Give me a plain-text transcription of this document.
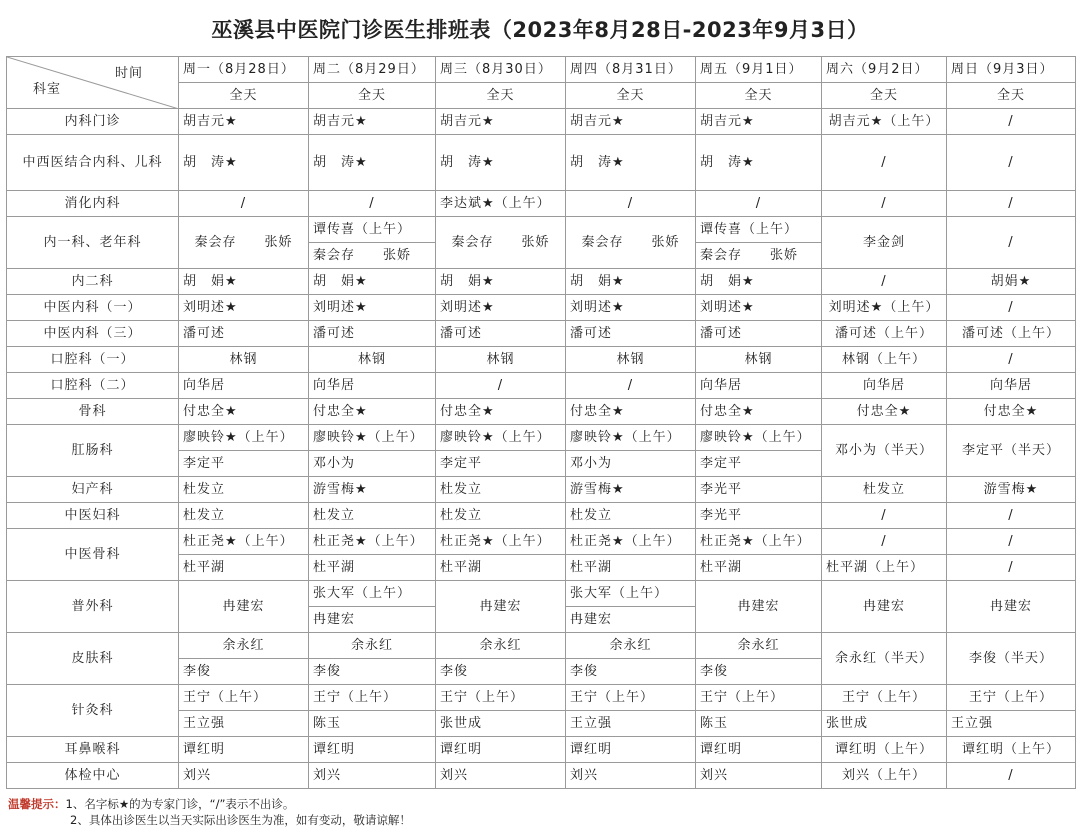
巫溪县中医院门诊医生排班表（2023年8月28日-2023年9月3日）
科室
时间	周一（8月28日）	周二（8月29日）	周三（8月30日）	周四（8月31日）	周五（9月1日）	周六（9月2日）	周日（9月3日）
	全天	全天	全天	全天	全天	全天	全天
内科门诊	胡吉元★	胡吉元★	胡吉元★	胡吉元★	胡吉元★	胡吉元★（上午）	/
中西医结合内科、儿科	胡　涛★	胡　涛★	胡　涛★	胡　涛★	胡　涛★	/	/
消化内科	/	/	李达斌★（上午）	/	/	/	/
内一科、老年科	秦会存　　张娇	谭传喜（上午）	秦会存　　张娇	秦会存　　张娇	谭传喜（上午）	李金剑	/
		秦会存　　张娇			秦会存　　张娇		
内二科	胡　娟★	胡　娟★	胡　娟★	胡　娟★	胡　娟★	/	胡娟★
中医内科（一）	刘明述★	刘明述★	刘明述★	刘明述★	刘明述★	刘明述★（上午）	/
中医内科（三）	潘可述	潘可述	潘可述	潘可述	潘可述	潘可述（上午）	潘可述（上午）
口腔科（一）	林钢	林钢	林钢	林钢	林钢	林钢（上午）	/
口腔科（二）	向华居	向华居	/	/	向华居	向华居	向华居
骨科	付忠全★	付忠全★	付忠全★	付忠全★	付忠全★	付忠全★	付忠全★
肛肠科	廖映铃★（上午）	廖映铃★（上午）	廖映铃★（上午）	廖映铃★（上午）	廖映铃★（上午）	邓小为（半天）	李定平（半天）
	李定平	邓小为	李定平	邓小为	李定平		
妇产科	杜发立	游雪梅★	杜发立	游雪梅★	李光平	杜发立	游雪梅★
中医妇科	杜发立	杜发立	杜发立	杜发立	李光平	/	/
中医骨科	杜正尧★（上午）	杜正尧★（上午）	杜正尧★（上午）	杜正尧★（上午）	杜正尧★（上午）	/	/
	杜平湖	杜平湖	杜平湖	杜平湖	杜平湖	杜平湖（上午）	/
普外科	冉建宏	张大军（上午）	冉建宏	张大军（上午）	冉建宏	冉建宏	冉建宏
		冉建宏		冉建宏			
皮肤科	余永红	余永红	余永红	余永红	余永红	余永红（半天）	李俊（半天）
	李俊	李俊	李俊	李俊	李俊		
针灸科	王宁（上午）	王宁（上午）	王宁（上午）	王宁（上午）	王宁（上午）	王宁（上午）	王宁（上午）
	王立强	陈玉	张世成	王立强	陈玉	张世成	王立强
耳鼻喉科	谭红明	谭红明	谭红明	谭红明	谭红明	谭红明（上午）	谭红明（上午）
体检中心	刘兴	刘兴	刘兴	刘兴	刘兴	刘兴（上午）	/
温馨提示：1、名字标★的为专家门诊，“/”表示不出诊。
2、具体出诊医生以当天实际出诊医生为准，如有变动，敬请谅解！
